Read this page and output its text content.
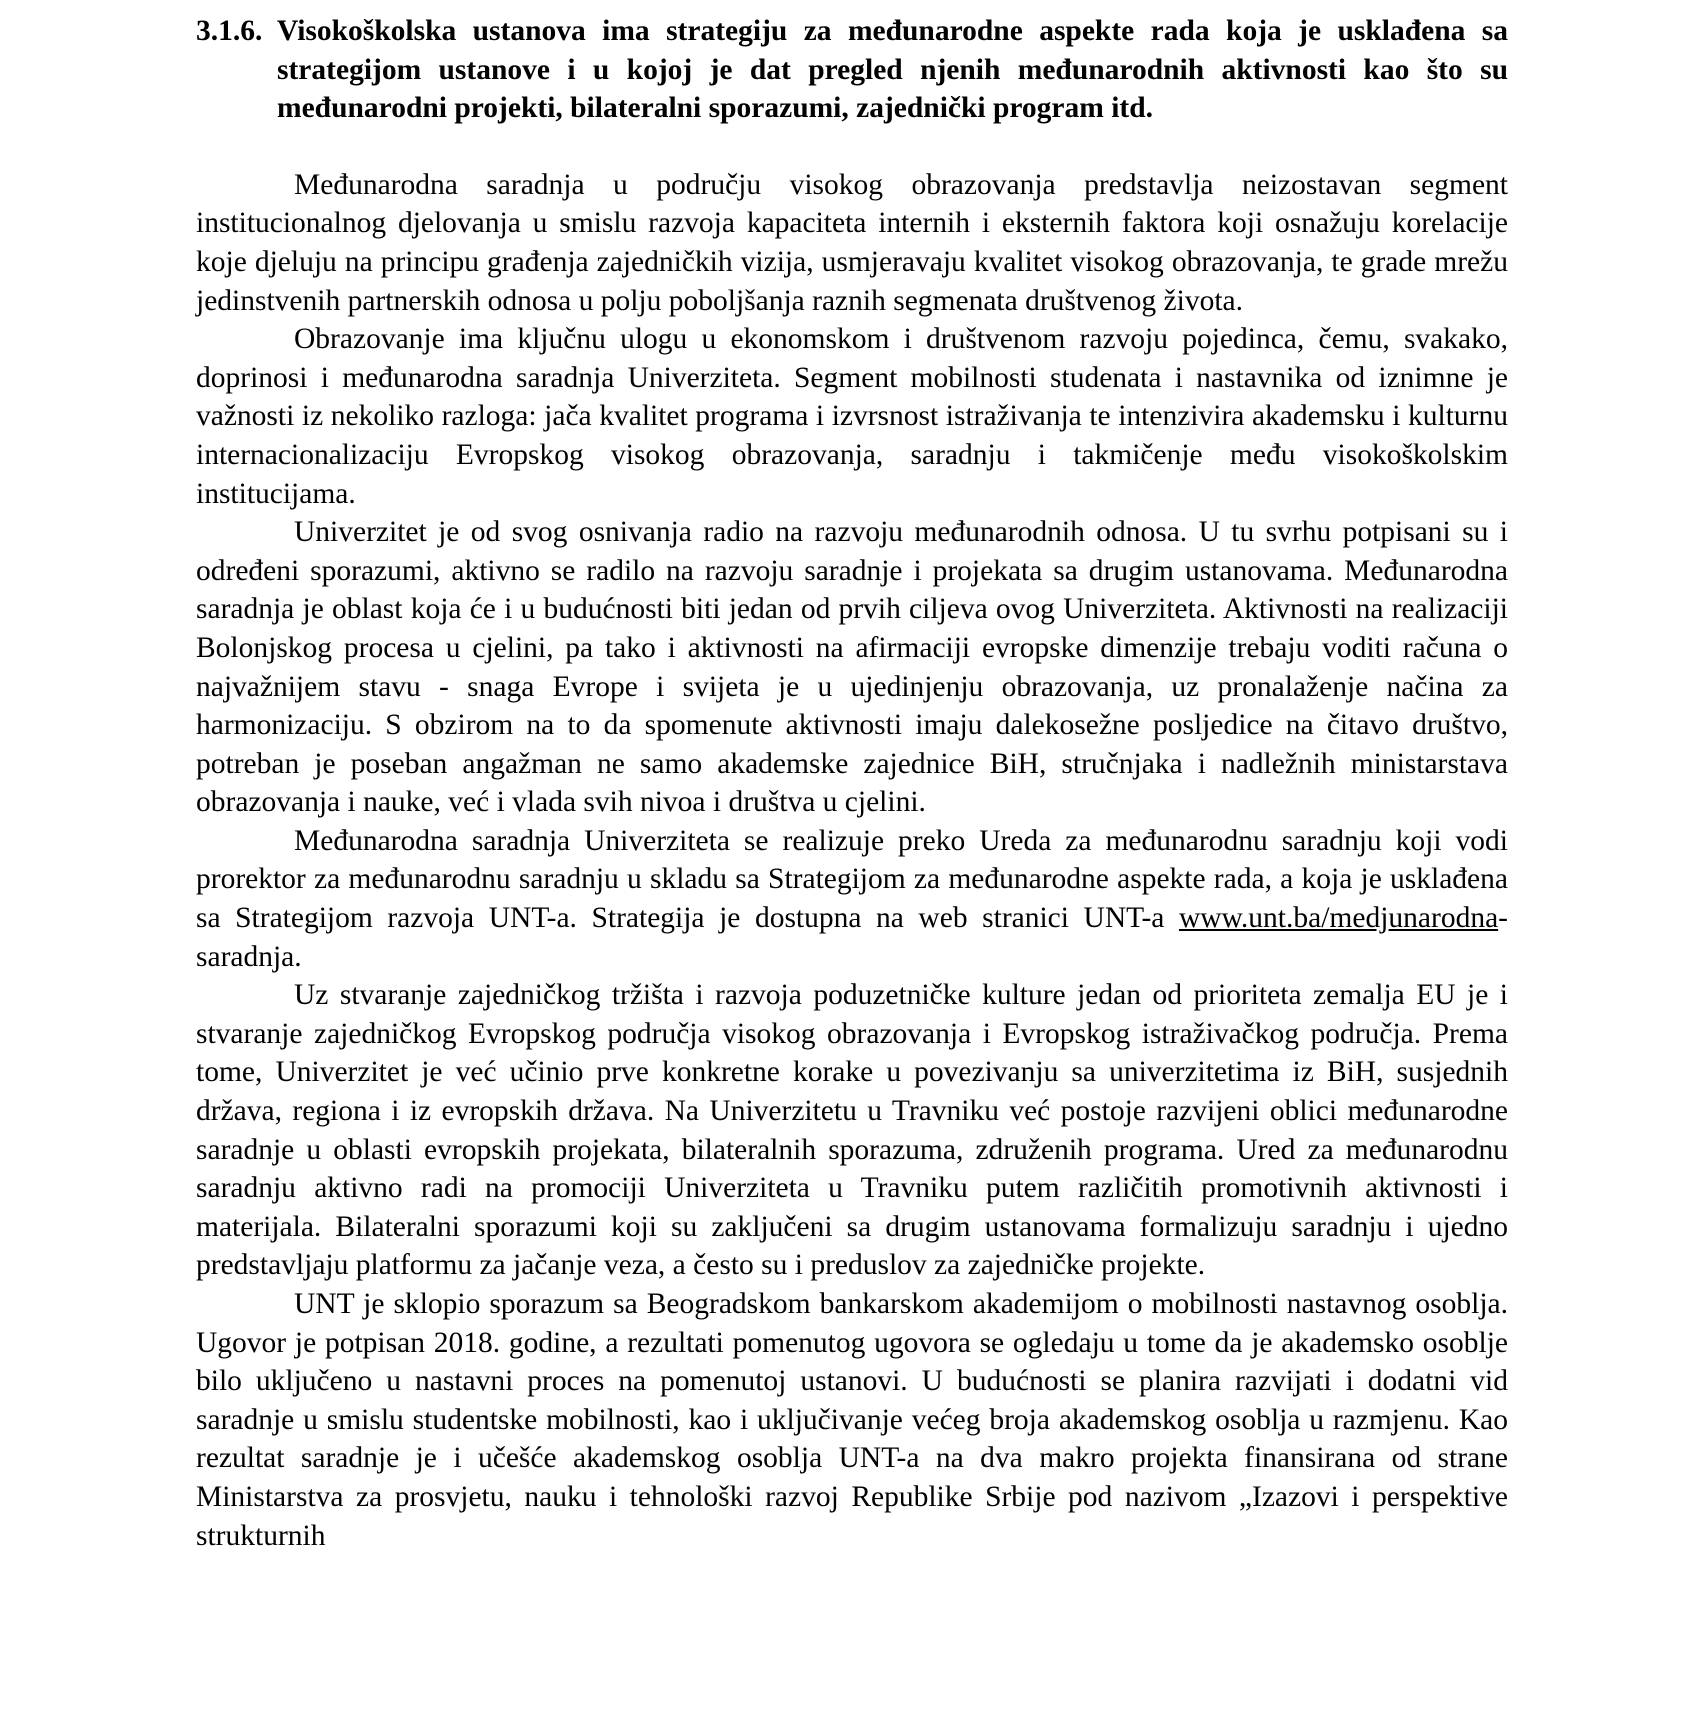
3.1.6. Visokoškolska ustanova ima strategiju za međunarodne aspekte rada koja je usklađena sa strategijom ustanove i u kojoj je dat pregled njenih međunarodnih aktivnosti kao što su međunarodni projekti, bilateralni sporazumi, zajednički program itd.

Međunarodna saradnja u području visokog obrazovanja predstavlja neizostavan segment institucionalnog djelovanja u smislu razvoja kapaciteta internih i eksternih faktora koji osnažuju korelacije koje djeluju na principu građenja zajedničkih vizija, usmjeravaju kvalitet visokog obrazovanja, te grade mrežu jedinstvenih partnerskih odnosa u polju poboljšanja raznih segmenata društvenog života.

Obrazovanje ima ključnu ulogu u ekonomskom i društvenom razvoju pojedinca, čemu, svakako, doprinosi i međunarodna saradnja Univerziteta. Segment mobilnosti studenata i nastavnika od iznimne je važnosti iz nekoliko razloga: jača kvalitet programa i izvrsnost istraživanja te intenzivira akademsku i kulturnu internacionalizaciju Evropskog visokog obrazovanja, saradnju i takmičenje među visokoškolskim institucijama.

Univerzitet je od svog osnivanja radio na razvoju međunarodnih odnosa. U tu svrhu potpisani su i određeni sporazumi, aktivno se radilo na razvoju saradnje i projekata sa drugim ustanovama. Međunarodna saradnja je oblast koja će i u budućnosti biti jedan od prvih ciljeva ovog Univerziteta. Aktivnosti na realizaciji Bolonjskog procesa u cjelini, pa tako i aktivnosti na afirmaciji evropske dimenzije trebaju voditi računa o najvažnijem stavu - snaga Evrope i svijeta je u ujedinjenju obrazovanja, uz pronalaženje načina za harmonizaciju. S obzirom na to da spomenute aktivnosti imaju dalekosežne posljedice na čitavo društvo, potreban je poseban angažman ne samo akademske zajednice BiH, stručnjaka i nadležnih ministarstava obrazovanja i nauke, već i vlada svih nivoa i društva u cjelini.

Međunarodna saradnja Univerziteta se realizuje preko Ureda za međunarodnu saradnju koji vodi prorektor za međunarodnu saradnju u skladu sa Strategijom za međunarodne aspekte rada, a koja je usklađena sa Strategijom razvoja UNT-a. Strategija je dostupna na web stranici UNT-a www.unt.ba/medjunarodna-saradnja.

Uz stvaranje zajedničkog tržišta i razvoja poduzetničke kulture jedan od prioriteta zemalja EU je i stvaranje zajedničkog Evropskog područja visokog obrazovanja i Evropskog istraživačkog područja. Prema tome, Univerzitet je već učinio prve konkretne korake u povezivanju sa univerzitetima iz BiH, susjednih država, regiona i iz evropskih država. Na Univerzitetu u Travniku već postoje razvijeni oblici međunarodne saradnje u oblasti evropskih projekata, bilateralnih sporazuma, združenih programa. Ured za međunarodnu saradnju aktivno radi na promociji Univerziteta u Travniku putem različitih promotivnih aktivnosti i materijala. Bilateralni sporazumi koji su zaključeni sa drugim ustanovama formalizuju saradnju i ujedno predstavljaju platformu za jačanje veza, a često su i preduslov za zajedničke projekte.

UNT je sklopio sporazum sa Beogradskom bankarskom akademijom o mobilnosti nastavnog osoblja. Ugovor je potpisan 2018. godine, a rezultati pomenutog ugovora se ogledaju u tome da je akademsko osoblje bilo uključeno u nastavni proces na pomenutoj ustanovi. U budućnosti se planira razvijati i dodatni vid saradnje u smislu studentske mobilnosti, kao i uključivanje većeg broja akademskog osoblja u razmjenu. Kao rezultat saradnje je i učešće akademskog osoblja UNT-a na dva makro projekta finansirana od strane Ministarstva za prosvjetu, nauku i tehnološki razvoj Republike Srbije pod nazivom „Izazovi i perspektive strukturnih
